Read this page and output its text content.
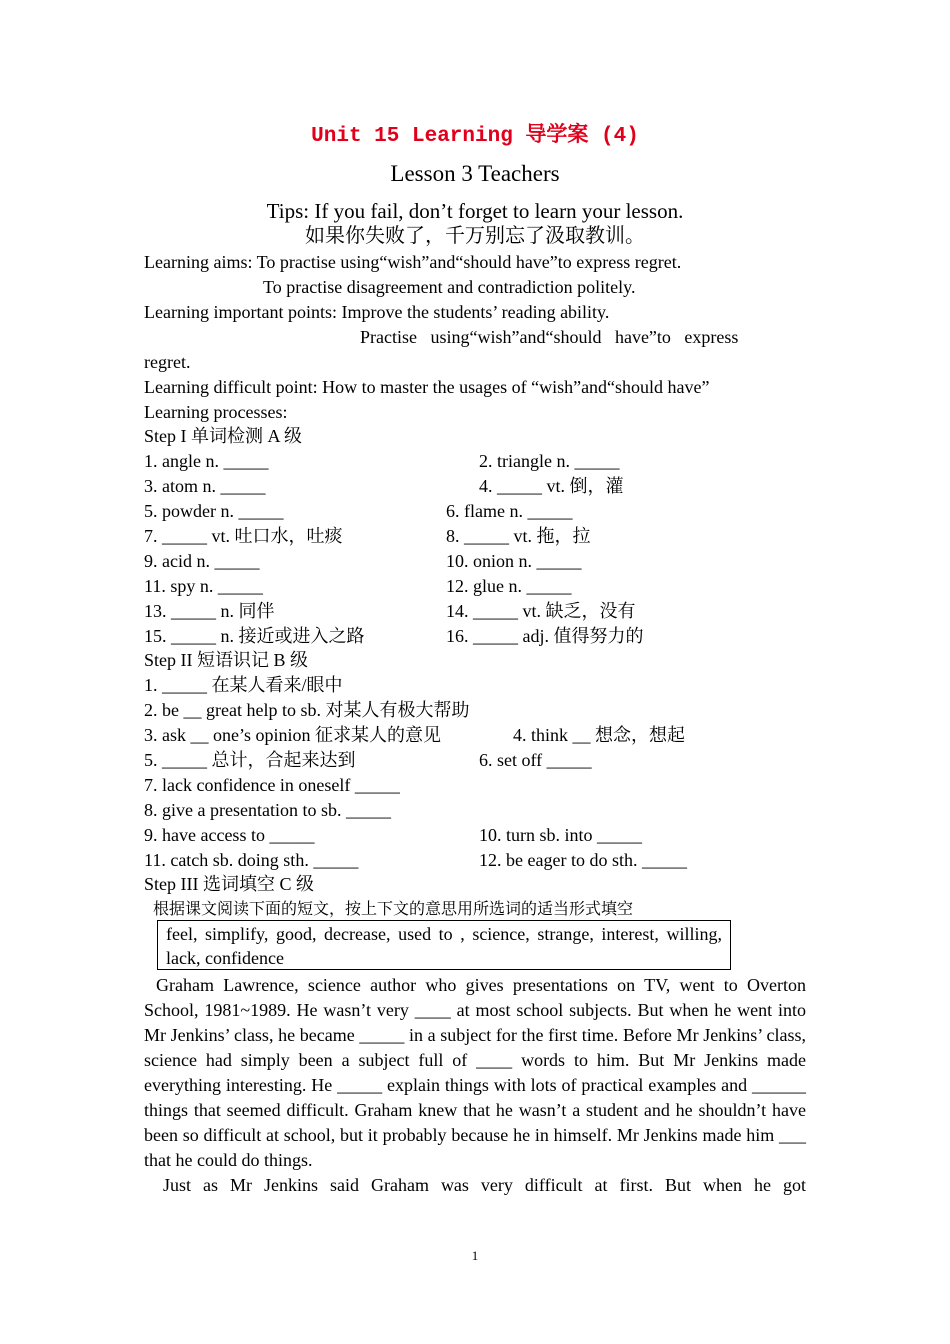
Unit 15 Learning 导学案 (4)
Lesson 3 Teachers
Tips: If you fail, don’t forget to learn your lesson.
如果你失败了，千万别忘了汲取教训。
Learning aims: To practise using“wish”and“should have”to express regret.
To practise disagreement and contradiction politely.
Learning important points: Improve the students’ reading ability.
Practise   using“wish”and“should   have”to   express
regret.
Learning difficult point: How to master the usages of “wish”and“should have”
Learning processes:
Step I 单词检测 A 级
1. angle n. _____	2. triangle n. _____
3. atom n. _____	4. _____ vt. 倒，灌
5. powder n. _____	6. flame n. _____
7. _____ vt. 吐口水，吐痰	8. _____ vt. 拖，拉
9. acid n. _____	10. onion n. _____
11. spy n. _____	12. glue n. _____
13. _____ n. 同伴	14. _____ vt. 缺乏，没有
15. _____ n. 接近或进入之路	16. _____ adj. 值得努力的
Step II 短语识记 B 级
1. _____ 在某人看来/眼中
2. be __ great help to sb. 对某人有极大帮助
3. ask __ one’s opinion 征求某人的意见	4. think __ 想念，想起
5. _____ 总计，合起来达到	6. set off _____
7. lack confidence in oneself _____
8. give a presentation to sb. _____
9. have access to _____	10. turn sb. into _____
11. catch sb. doing sth. _____	12. be eager to do sth. _____
Step III 选词填空 C 级
根据课文阅读下面的短文，按上下文的意思用所选词的适当形式填空
feel, simplify, good, decrease, used to , science, strange, interest, willing, lack, confidence
Graham Lawrence, science author who gives presentations on TV, went to Overton School, 1981~1989. He wasn’t very ____ at most school subjects. But when he went into Mr Jenkins’ class, he became _____ in a subject for the first time. Before Mr Jenkins’ class, science had simply been a subject full of ____ words to him. But Mr Jenkins made everything interesting. He _____ explain things with lots of practical examples and ______ things that seemed difficult. Graham knew that he wasn’t a student and he shouldn’t have been so difficult at school, but it probably because he in himself. Mr Jenkins made him ___ that he could do things.
Just as Mr Jenkins said Graham was very difficult at first. But when he got
1
